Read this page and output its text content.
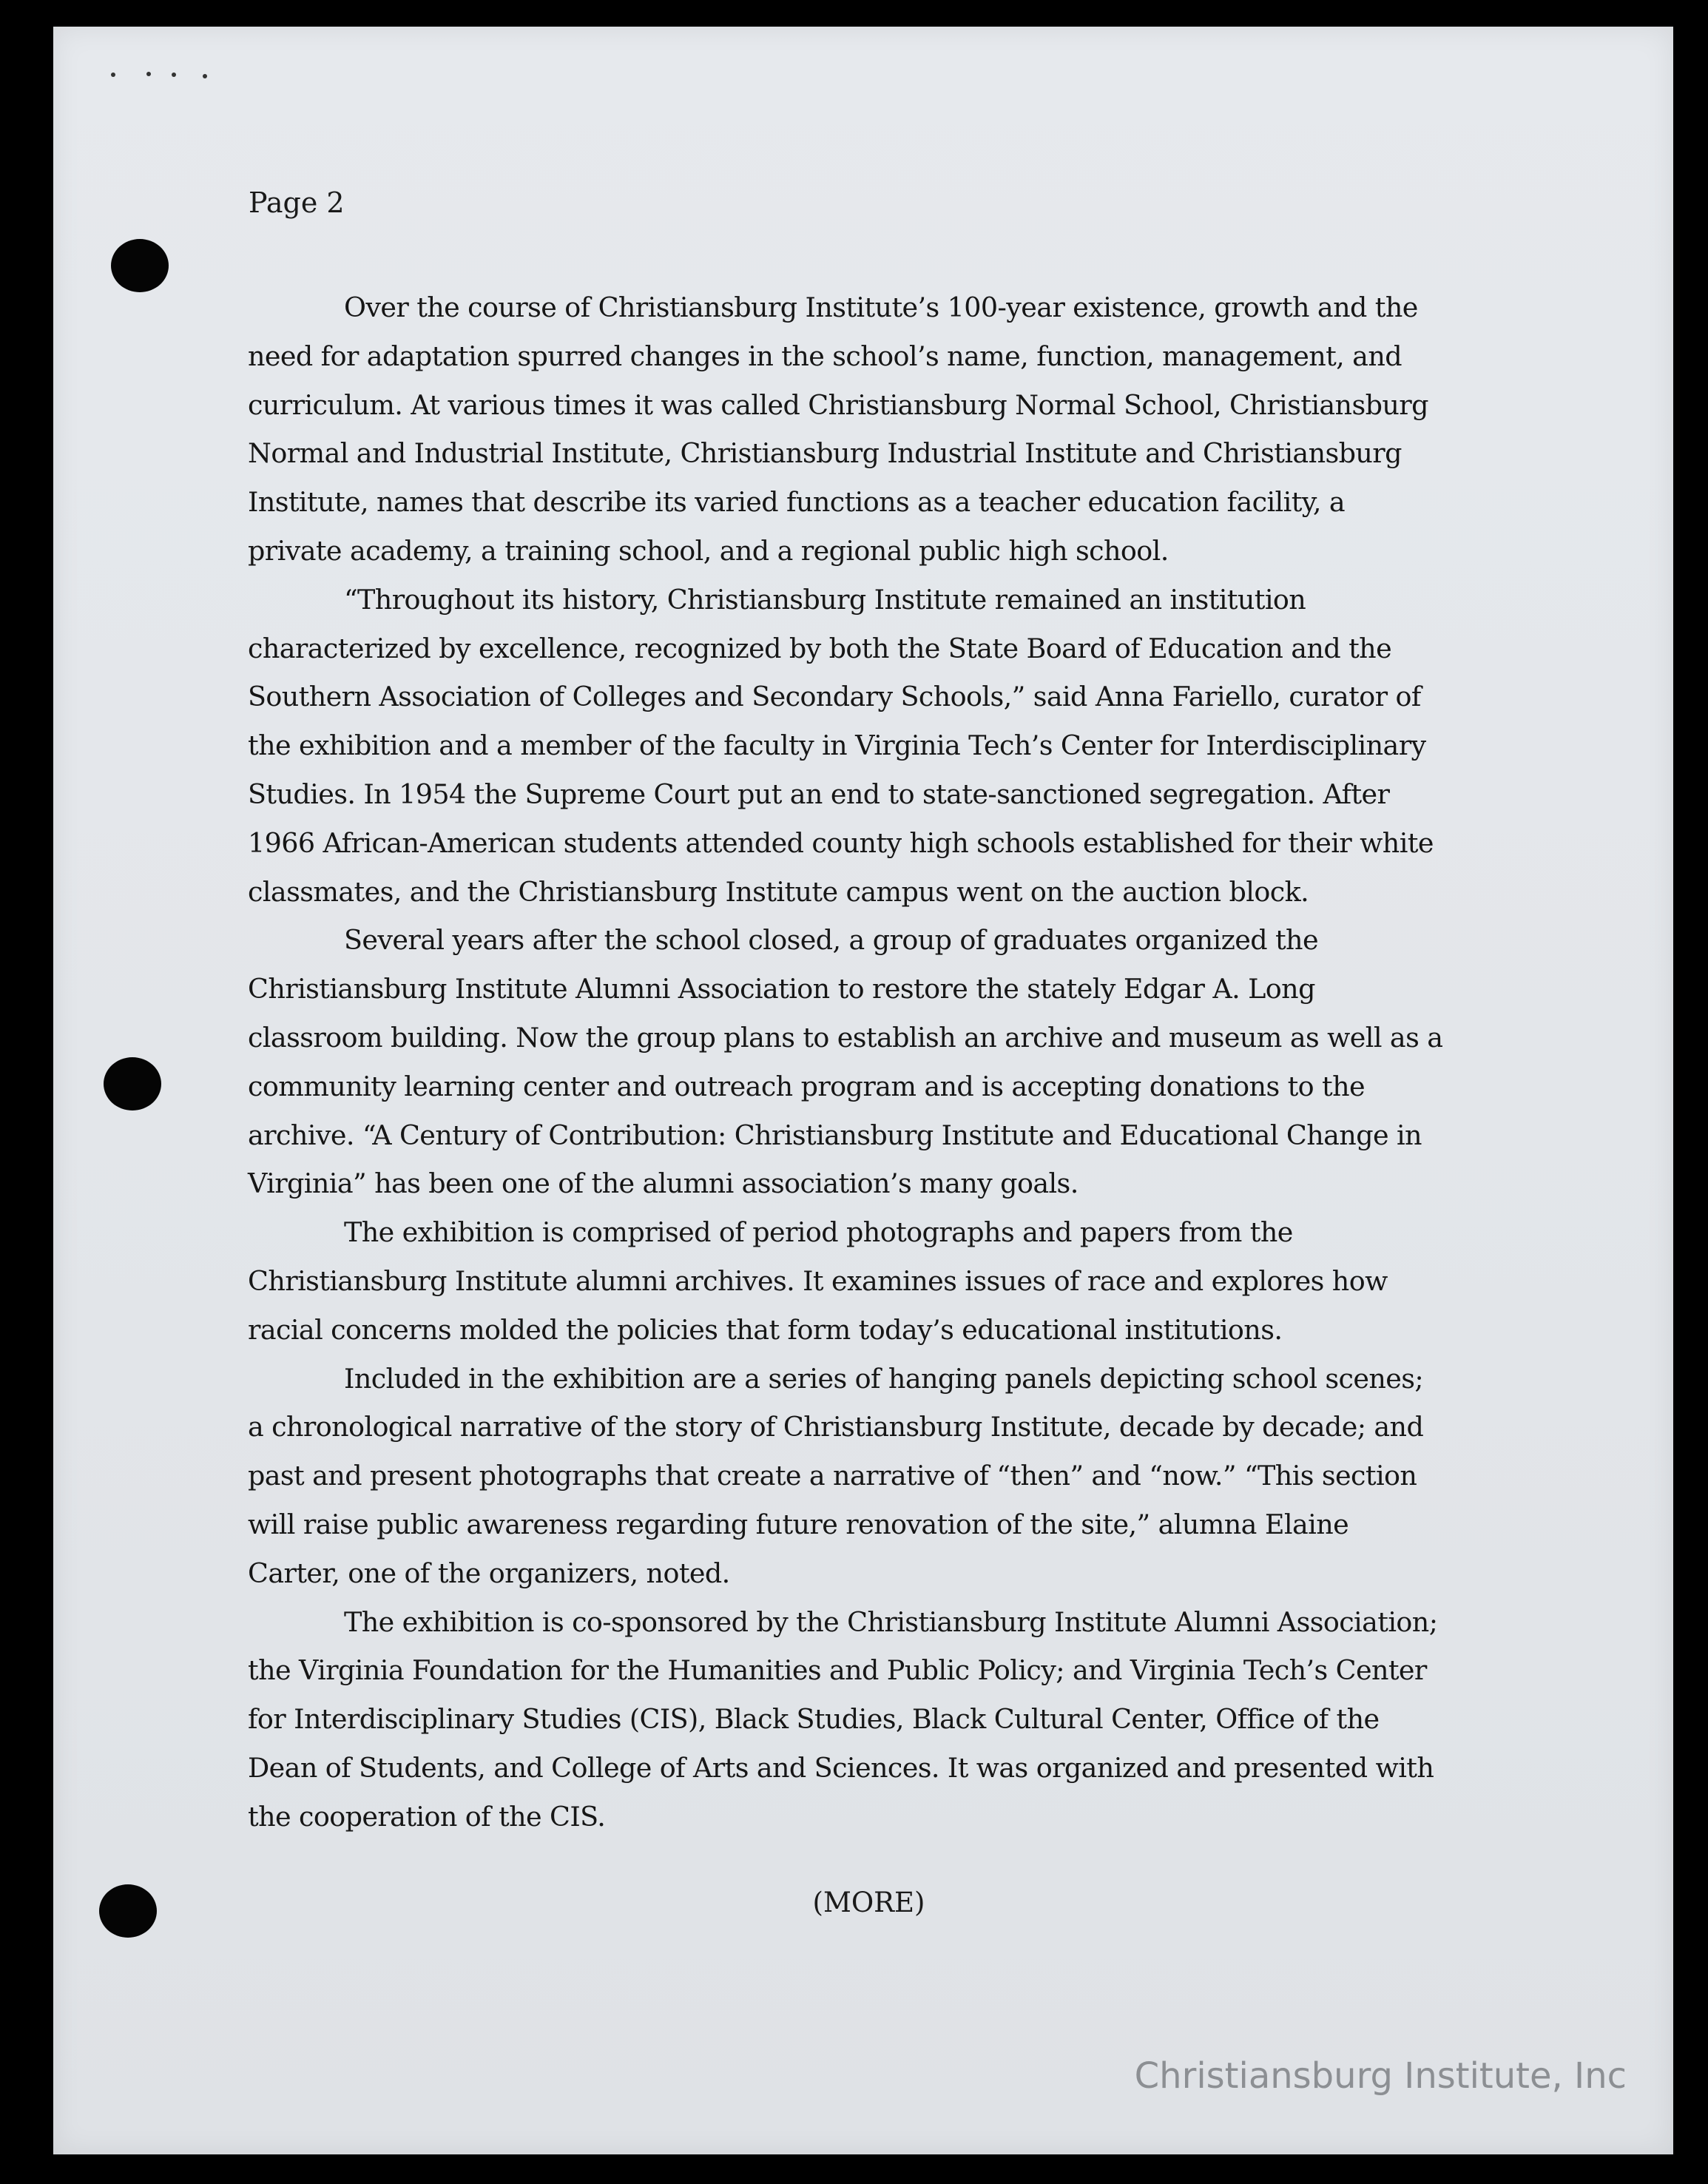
Page 2

Over the course of Christiansburg Institute’s 100-year existence, growth and the need for adaptation spurred changes in the school’s name, function, management, and curriculum. At various times it was called Christiansburg Normal School, Christiansburg Normal and Industrial Institute, Christiansburg Industrial Institute and Christiansburg Institute, names that describe its varied functions as a teacher education facility, a private academy, a training school, and a regional public high school.

“Throughout its history, Christiansburg Institute remained an institution characterized by excellence, recognized by both the State Board of Education and the Southern Association of Colleges and Secondary Schools,” said Anna Fariello, curator of the exhibition and a member of the faculty in Virginia Tech’s Center for Interdisciplinary Studies. In 1954 the Supreme Court put an end to state-sanctioned segregation. After 1966 African-American students attended county high schools established for their white classmates, and the Christiansburg Institute campus went on the auction block.

Several years after the school closed, a group of graduates organized the Christiansburg Institute Alumni Association to restore the stately Edgar A. Long classroom building. Now the group plans to establish an archive and museum as well as a community learning center and outreach program and is accepting donations to the archive. “A Century of Contribution: Christiansburg Institute and Educational Change in Virginia” has been one of the alumni association’s many goals.

The exhibition is comprised of period photographs and papers from the Christiansburg Institute alumni archives. It examines issues of race and explores how racial concerns molded the policies that form today’s educational institutions.

Included in the exhibition are a series of hanging panels depicting school scenes; a chronological narrative of the story of Christiansburg Institute, decade by decade; and past and present photographs that create a narrative of “then” and “now.” “This section will raise public awareness regarding future renovation of the site,” alumna Elaine Carter, one of the organizers, noted.

The exhibition is co-sponsored by the Christiansburg Institute Alumni Association; the Virginia Foundation for the Humanities and Public Policy; and Virginia Tech’s Center for Interdisciplinary Studies (CIS), Black Studies, Black Cultural Center, Office of the Dean of Students, and College of Arts and Sciences. It was organized and presented with the cooperation of the CIS.

(MORE)
Christiansburg Institute, Inc
